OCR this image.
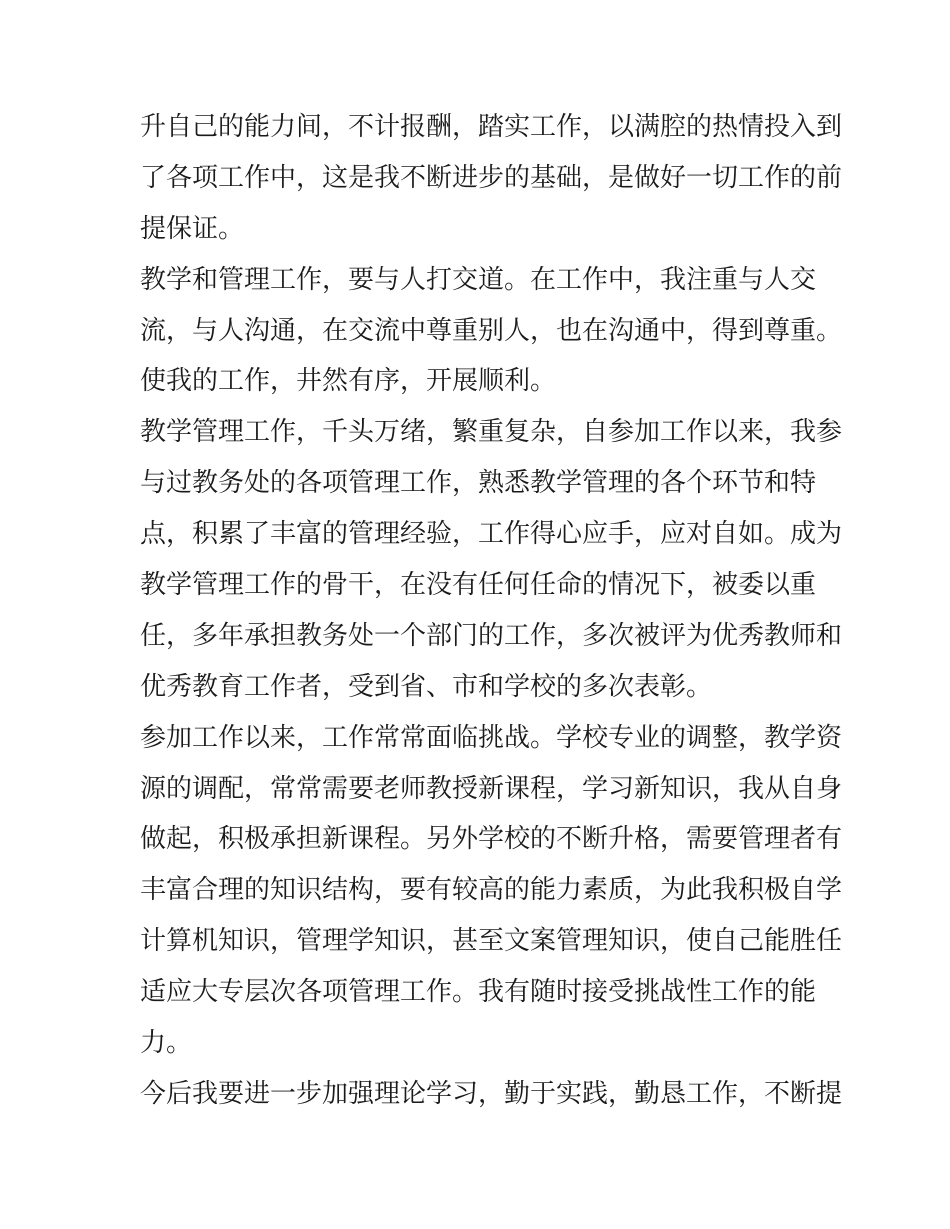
升自己的能力间，不计报酬，踏实工作，以满腔的热情投入到
了各项工作中，这是我不断进步的基础，是做好一切工作的前
提保证。
教学和管理工作，要与人打交道。在工作中，我注重与人交
流，与人沟通，在交流中尊重别人，也在沟通中，得到尊重。
使我的工作，井然有序，开展顺利。
教学管理工作，千头万绪，繁重复杂，自参加工作以来，我参
与过教务处的各项管理工作，熟悉教学管理的各个环节和特
点，积累了丰富的管理经验，工作得心应手，应对自如。成为
教学管理工作的骨干，在没有任何任命的情况下，被委以重
任，多年承担教务处一个部门的工作，多次被评为优秀教师和
优秀教育工作者，受到省、市和学校的多次表彰。
参加工作以来，工作常常面临挑战。学校专业的调整，教学资
源的调配，常常需要老师教授新课程，学习新知识，我从自身
做起，积极承担新课程。另外学校的不断升格，需要管理者有
丰富合理的知识结构，要有较高的能力素质，为此我积极自学
计算机知识，管理学知识，甚至文案管理知识，使自己能胜任
适应大专层次各项管理工作。我有随时接受挑战性工作的能
力。
今后我要进一步加强理论学习，勤于实践，勤恳工作，不断提
